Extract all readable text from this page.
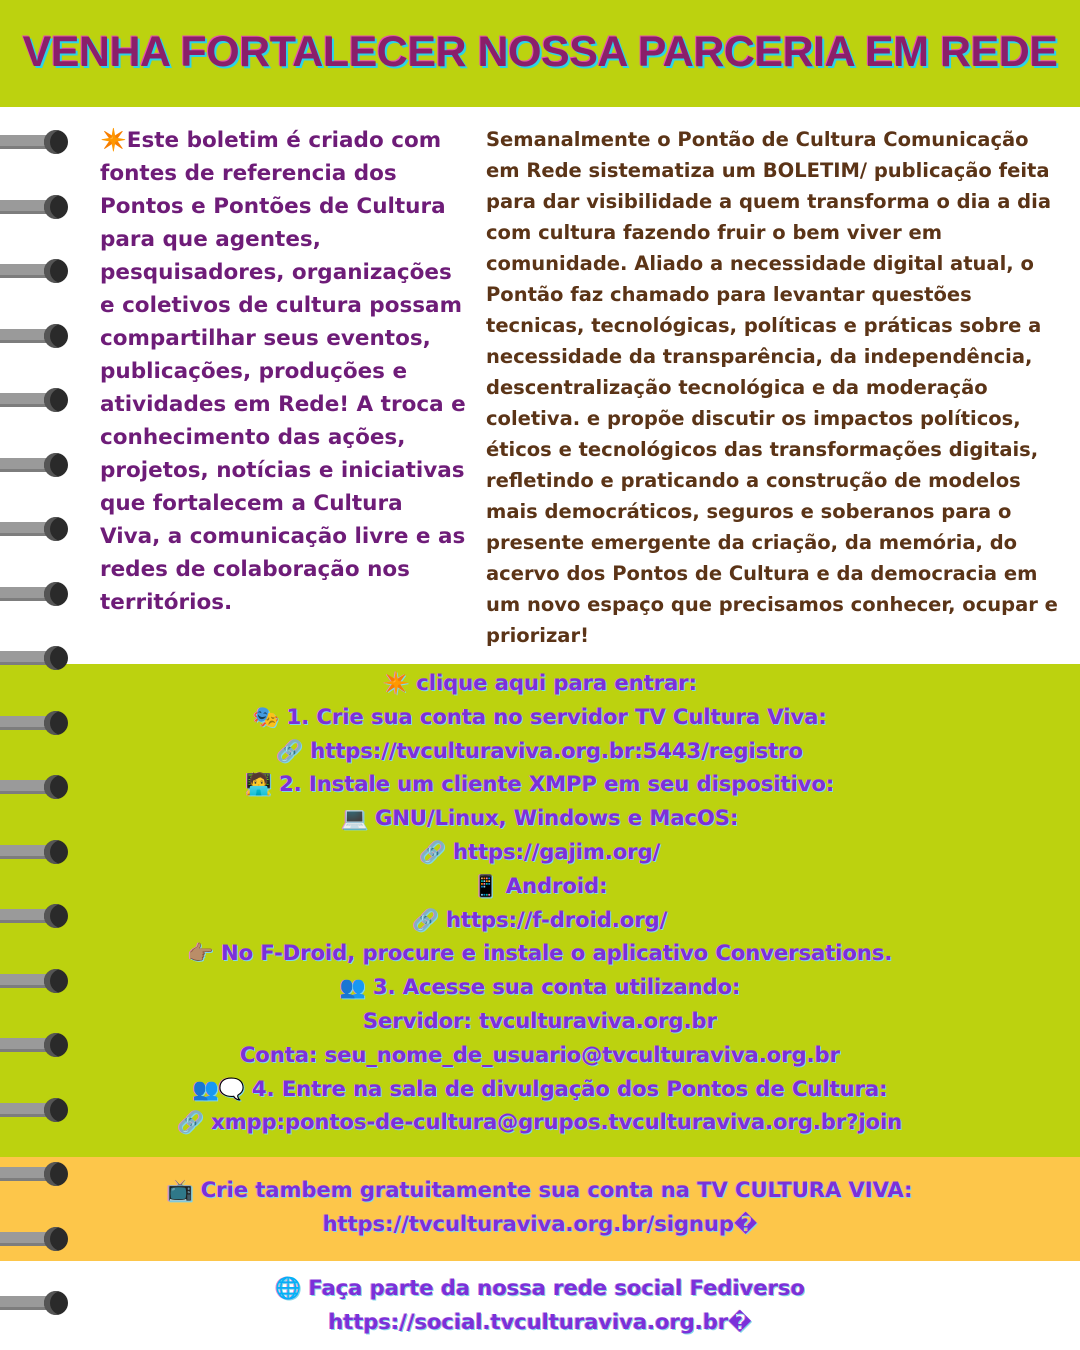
VENHA FORTALECER NOSSA PARCERIA EM REDE
✴️Este boletim é criado com fontes de referencia dos Pontos e Pontões de Cultura para que agentes, pesquisadores, organizações e coletivos de cultura possam compartilhar seus eventos, publicações, produções e atividades em Rede! A troca e conhecimento das ações, projetos, notícias e iniciativas que fortalecem a Cultura Viva, a comunicação livre e as redes de colaboração nos territórios.
Semanalmente o Pontão de Cultura Comunicação em Rede sistematiza um BOLETIM/ publicação feita para dar visibilidade a quem transforma o dia a dia com cultura fazendo fruir o bem viver em comunidade. Aliado a necessidade digital atual, o Pontão faz chamado para levantar questões tecnicas, tecnológicas, políticas e práticas sobre a necessidade da transparência, da independência, descentralização tecnológica e da moderação coletiva. e propõe discutir os impactos políticos, éticos e tecnológicos das transformações digitais, refletindo e praticando a construção de modelos mais democráticos, seguros e soberanos para o presente emergente da criação, da memória, do acervo dos Pontos de Cultura e da democracia em um novo espaço que precisamos conhecer, ocupar e priorizar!
✴️ clique aqui para entrar:
🎭 1. Crie sua conta no servidor TV Cultura Viva:
🔗 https://tvculturaviva.org.br:5443/registro
🧑‍💻 2. Instale um cliente XMPP em seu dispositivo:
💻 GNU/Linux, Windows e MacOS:
🔗 https://gajim.org/
📱 Android:
🔗 https://f-droid.org/
👉🏽 No F-Droid, procure e instale o aplicativo Conversations.
👥 3. Acesse sua conta utilizando:
Servidor: tvculturaviva.org.br
Conta: seu_nome_de_usuario@tvculturaviva.org.br
👥🗨️ 4. Entre na sala de divulgação dos Pontos de Cultura:
🔗 xmpp:pontos-de-cultura@grupos.tvculturaviva.org.br?join
📺 Crie tambem gratuitamente sua conta na TV CULTURA VIVA:
https://tvculturaviva.org.br/signup�
🌐 Faça parte da nossa rede social Fediverso
https://social.tvculturaviva.org.br�
